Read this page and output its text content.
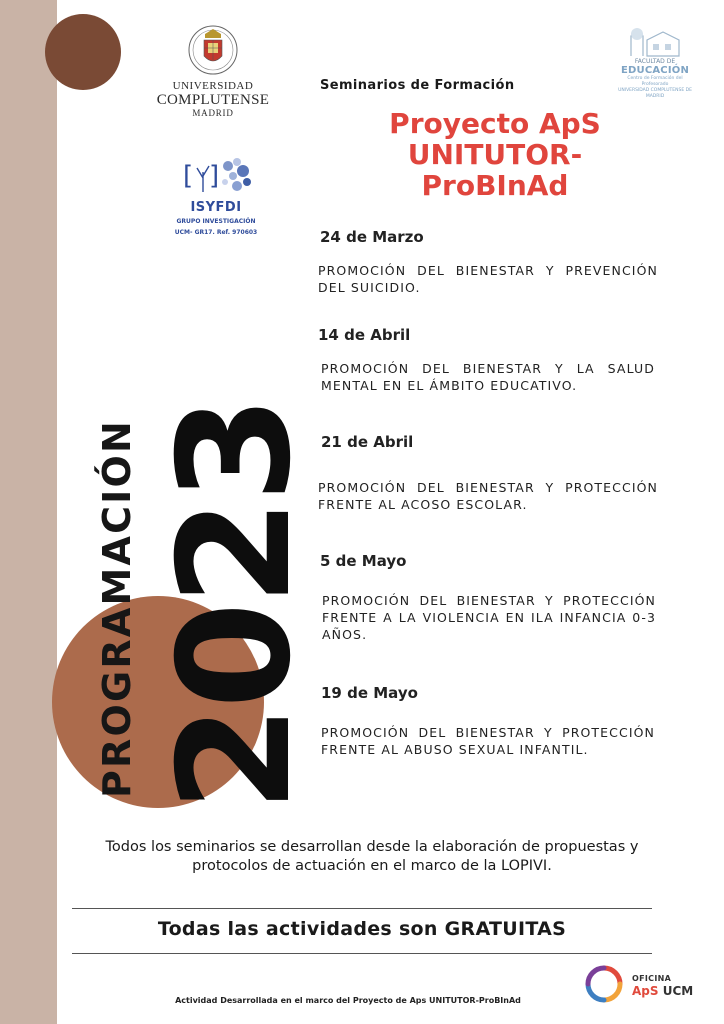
UNIVERSIDAD
COMPLUTENSE
MADRID
[ ]
ISYFDI
GRUPO INVESTIGACIÓN
UCM- GR17. Ref. 970603
FACULTAD DE
EDUCACIÓN
Centro de Formación del Profesorado
UNIVERSIDAD COMPLUTENSE DE MADRID
Seminarios de Formación
Proyecto ApS
UNITUTOR-
ProBInAd
PROGRAMACIÓN 2023
24 de Marzo
PROMOCIÓN DEL BIENESTAR Y PREVENCIÓN DEL SUICIDIO.
14 de Abril
PROMOCIÓN DEL BIENESTAR Y LA SALUD MENTAL EN EL ÁMBITO EDUCATIVO.
21 de Abril
PROMOCIÓN DEL BIENESTAR Y PROTECCIÓN FRENTE AL ACOSO ESCOLAR.
5 de Mayo
PROMOCIÓN DEL BIENESTAR Y PROTECCIÓN FRENTE A LA VIOLENCIA EN ILA INFANCIA 0-3 AÑOS.
19 de Mayo
PROMOCIÓN DEL BIENESTAR Y PROTECCIÓN FRENTE AL ABUSO SEXUAL INFANTIL.
Todos los seminarios se desarrollan desde la elaboración de propuestas y protocolos de actuación en el marco de la LOPIVI.
Todas las actividades son GRATUITAS
Actividad Desarrollada en el marco del Proyecto de Aps UNITUTOR-ProBInAd
OFICINA
ApS UCM
